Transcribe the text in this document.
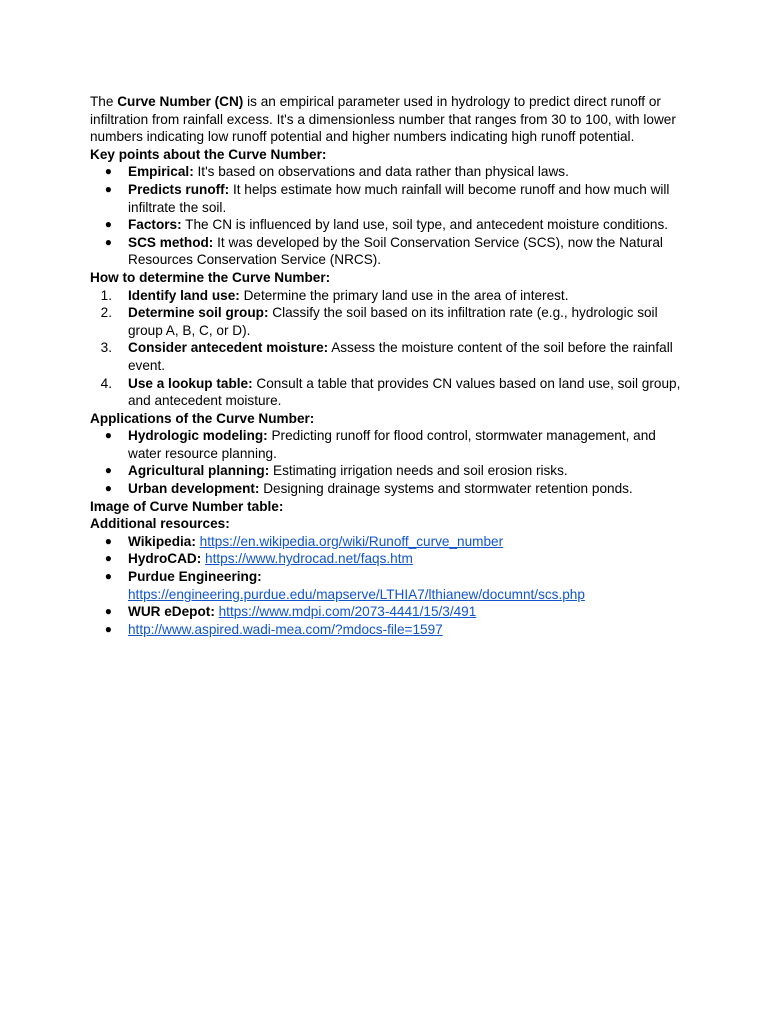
The Curve Number (CN) is an empirical parameter used in hydrology to predict direct runoff or infiltration from rainfall excess. It's a dimensionless number that ranges from 30 to 100, with lower numbers indicating low runoff potential and higher numbers indicating high runoff potential.

Key points about the Curve Number:

● Empirical: It's based on observations and data rather than physical laws.
● Predicts runoff: It helps estimate how much rainfall will become runoff and how much will infiltrate the soil.
● Factors: The CN is influenced by land use, soil type, and antecedent moisture conditions.
● SCS method: It was developed by the Soil Conservation Service (SCS), now the Natural Resources Conservation Service (NRCS).

How to determine the Curve Number:

1. Identify land use: Determine the primary land use in the area of interest.
2. Determine soil group: Classify the soil based on its infiltration rate (e.g., hydrologic soil group A, B, C, or D).
3. Consider antecedent moisture: Assess the moisture content of the soil before the rainfall event.
4. Use a lookup table: Consult a table that provides CN values based on land use, soil group, and antecedent moisture.

Applications of the Curve Number:

● Hydrologic modeling: Predicting runoff for flood control, stormwater management, and water resource planning.
● Agricultural planning: Estimating irrigation needs and soil erosion risks.
● Urban development: Designing drainage systems and stormwater retention ponds.

Image of Curve Number table:

Additional resources:

● Wikipedia: https://en.wikipedia.org/wiki/Runoff_curve_number
● HydroCAD: https://www.hydrocad.net/faqs.htm
● Purdue Engineering:
https://engineering.purdue.edu/mapserve/LTHIA7/lthianew/documnt/scs.php
● WUR eDepot: https://www.mdpi.com/2073-4441/15/3/491
● http://www.aspired.wadi-mea.com/?mdocs-file=1597
